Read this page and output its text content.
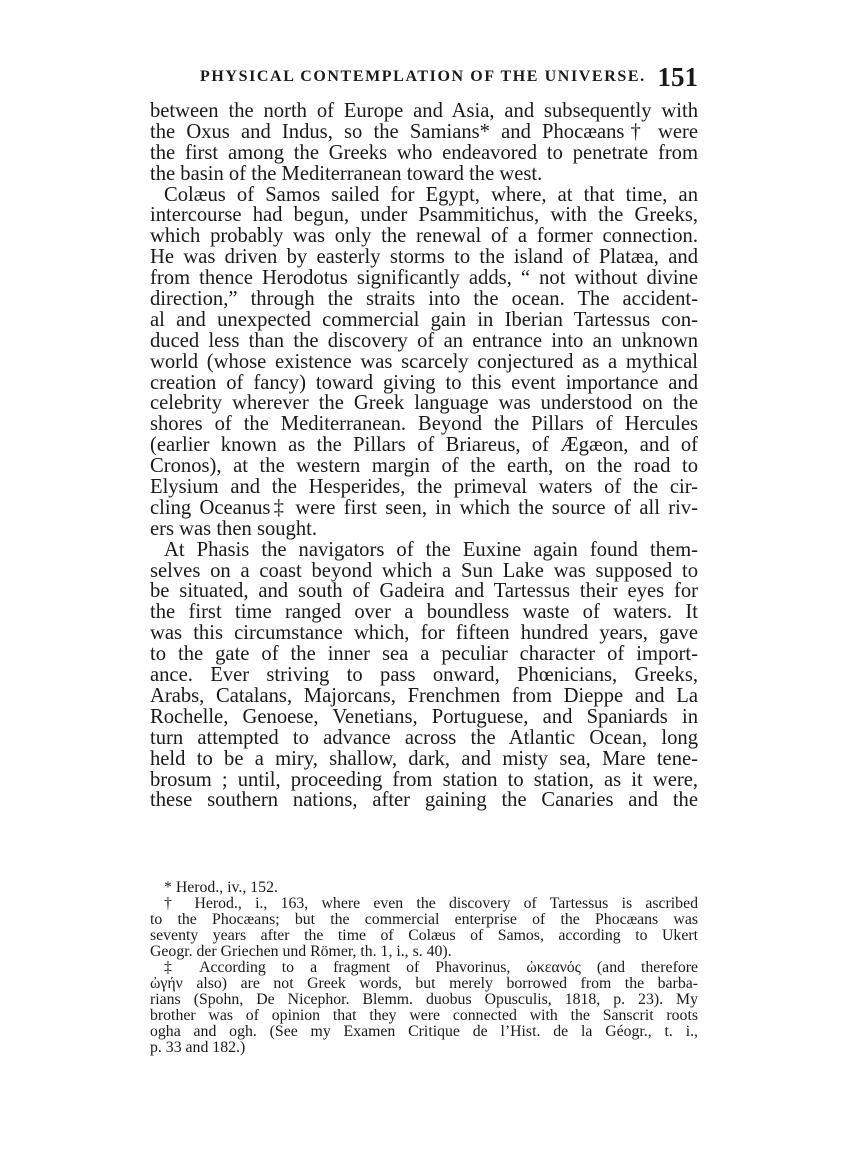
PHYSICAL CONTEMPLATION OF THE UNIVERSE. 151
between the north of Europe and Asia, and subsequently with
the Oxus and Indus, so the Samians* and Phocæans† were
the first among the Greeks who endeavored to penetrate from
the basin of the Mediterranean toward the west.
Colæus of Samos sailed for Egypt, where, at that time, an
intercourse had begun, under Psammitichus, with the Greeks,
which probably was only the renewal of a former connection.
He was driven by easterly storms to the island of Platæa, and
from thence Herodotus significantly adds, “ not without divine
direction,” through the straits into the ocean. The accident-
al and unexpected commercial gain in Iberian Tartessus con-
duced less than the discovery of an entrance into an unknown
world (whose existence was scarcely conjectured as a mythical
creation of fancy) toward giving to this event importance and
celebrity wherever the Greek language was understood on the
shores of the Mediterranean. Beyond the Pillars of Hercules
(earlier known as the Pillars of Briareus, of Ægæon, and of
Cronos), at the western margin of the earth, on the road to
Elysium and the Hesperides, the primeval waters of the cir-
cling Oceanus‡ were first seen, in which the source of all riv-
ers was then sought.
At Phasis the navigators of the Euxine again found them-
selves on a coast beyond which a Sun Lake was supposed to
be situated, and south of Gadeira and Tartessus their eyes for
the first time ranged over a boundless waste of waters. It
was this circumstance which, for fifteen hundred years, gave
to the gate of the inner sea a peculiar character of import-
ance. Ever striving to pass onward, Phœnicians, Greeks,
Arabs, Catalans, Majorcans, Frenchmen from Dieppe and La
Rochelle, Genoese, Venetians, Portuguese, and Spaniards in
turn attempted to advance across the Atlantic Ocean, long
held to be a miry, shallow, dark, and misty sea, Mare tene-
brosum ; until, proceeding from station to station, as it were,
these southern nations, after gaining the Canaries and the
* Herod., iv., 152.
† Herod., i., 163, where even the discovery of Tartessus is ascribed
to the Phocæans; but the commercial enterprise of the Phocæans was
seventy years after the time of Colæus of Samos, according to Ukert
Geogr. der Griechen und Römer, th. 1, i., s. 40).
‡ According to a fragment of Phavorinus, ὠκεανός (and therefore
ὠγήν also) are not Greek words, but merely borrowed from the barba-
rians (Spohn, De Nicephor. Blemm. duobus Opusculis, 1818, p. 23). My
brother was of opinion that they were connected with the Sanscrit roots
ogha and ogh. (See my Examen Critique de l’Hist. de la Géogr., t. i.,
p. 33 and 182.)
